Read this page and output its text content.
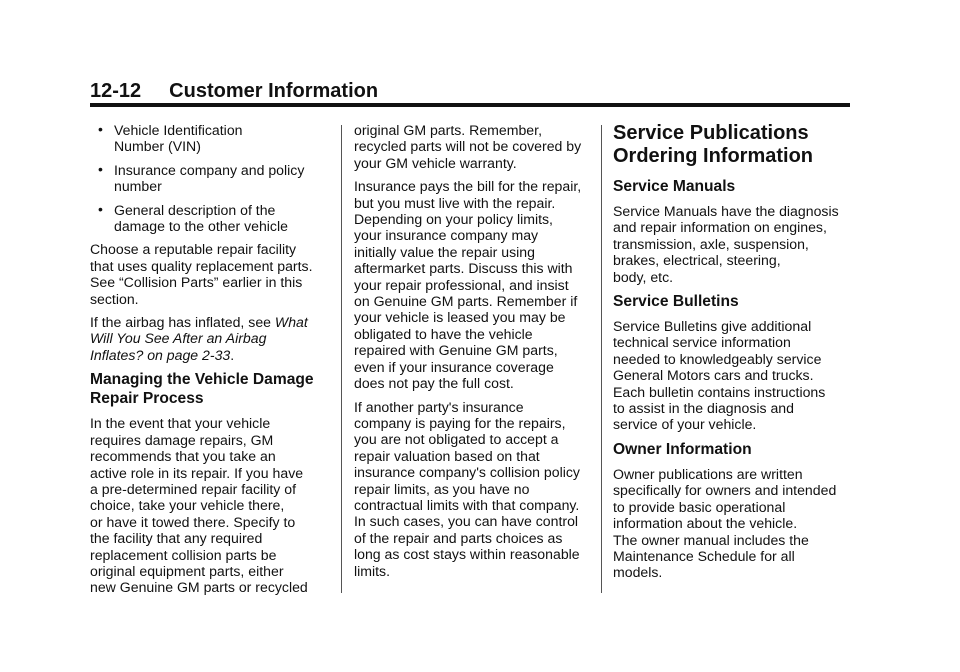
12-12 Customer Information
• Vehicle Identification
Number (VIN)
• Insurance company and policy
number
• General description of the
damage to the other vehicle

Choose a reputable repair facility
that uses quality replacement parts.
See “Collision Parts” earlier in this
section.

If the airbag has inflated, see What
Will You See After an Airbag
Inflates? on page 2-33.

Managing the Vehicle Damage
Repair Process

In the event that your vehicle
requires damage repairs, GM
recommends that you take an
active role in its repair. If you have
a pre-determined repair facility of
choice, take your vehicle there,
or have it towed there. Specify to
the facility that any required
replacement collision parts be
original equipment parts, either
new Genuine GM parts or recycled

original GM parts. Remember,
recycled parts will not be covered by
your GM vehicle warranty.

Insurance pays the bill for the repair,
but you must live with the repair.
Depending on your policy limits,
your insurance company may
initially value the repair using
aftermarket parts. Discuss this with
your repair professional, and insist
on Genuine GM parts. Remember if
your vehicle is leased you may be
obligated to have the vehicle
repaired with Genuine GM parts,
even if your insurance coverage
does not pay the full cost.

If another party's insurance
company is paying for the repairs,
you are not obligated to accept a
repair valuation based on that
insurance company's collision policy
repair limits, as you have no
contractual limits with that company.
In such cases, you can have control
of the repair and parts choices as
long as cost stays within reasonable
limits.

Service Publications
Ordering Information
Service Manuals

Service Manuals have the diagnosis
and repair information on engines,
transmission, axle, suspension,
brakes, electrical, steering,
body, etc.

Service Bulletins

Service Bulletins give additional
technical service information
needed to knowledgeably service
General Motors cars and trucks.
Each bulletin contains instructions
to assist in the diagnosis and
service of your vehicle.

Owner Information

Owner publications are written
specifically for owners and intended
to provide basic operational
information about the vehicle.
The owner manual includes the
Maintenance Schedule for all
models.
